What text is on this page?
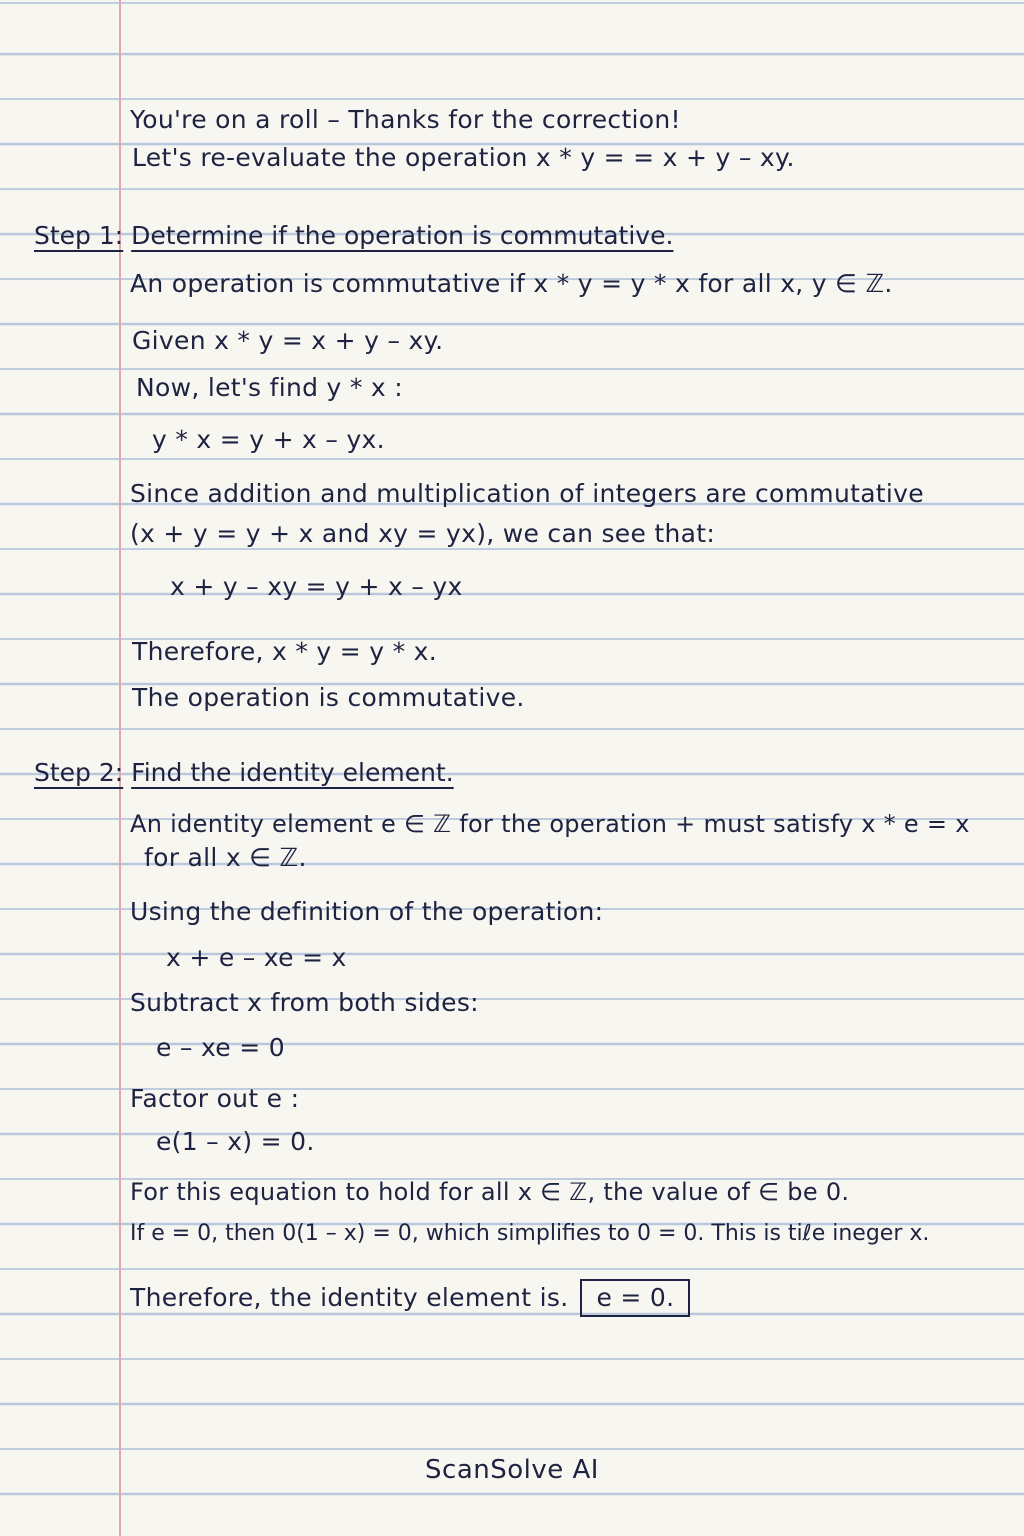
You're on a roll – Thanks for the correction!
Let's re-evaluate the operation x * y = = x + y – xy.
Step 1: Determine if the operation is commutative.
An operation is commutative if x * y = y * x for all x, y ∈ ℤ.
Given x * y = x + y – xy.
Now, let's find y * x :
y * x = y + x – yx.
Since addition and multiplication of integers are commutative
(x + y = y + x and xy = yx), we can see that:
x + y – xy = y + x – yx
Therefore, x * y = y * x.
The operation is commutative.
Step 2: Find the identity element.
An identity element e ∈ ℤ for the operation + must satisfy x * e = x
for all x ∈ ℤ.
Using the definition of the operation:
x + e – xe = x
Subtract x from both sides:
e – xe = 0
Factor out e :
e(1 – x) = 0.
For this equation to hold for all x ∈ ℤ, the value of ∈ be 0.
If e = 0, then 0(1 – x) = 0, which simplifies to 0 = 0. This is tiℓe ineger x.
Therefore, the identity element is. e = 0.
ScanSolve AI
